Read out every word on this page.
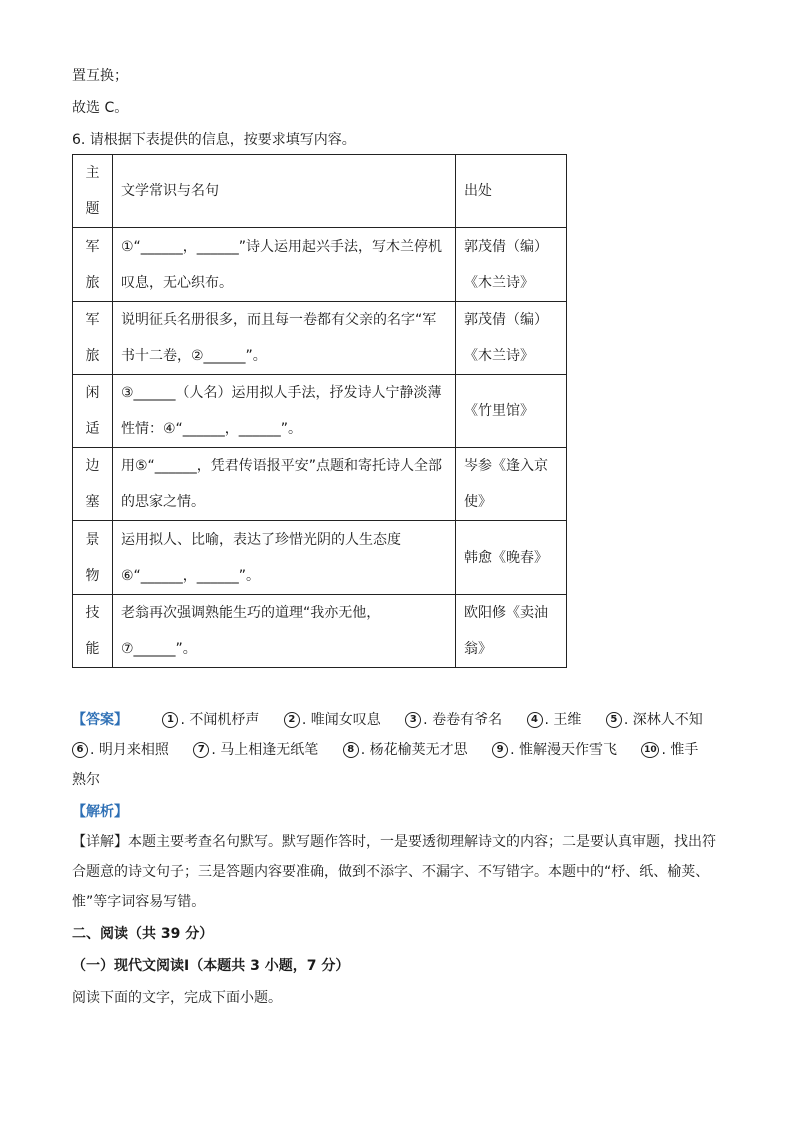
置互换；
故选 C。
6. 请根据下表提供的信息，按要求填写内容。
主题	文学常识与名句	出处

军旅	①“______，______”诗人运用起兴手法，写木兰停机叹息，无心织布。	郭茂倩（编）《木兰诗》

军旅	说明征兵名册很多，而且每一卷都有父亲的名字“军书十二卷，②______”。	郭茂倩（编）《木兰诗》

闲适	③______（人名）运用拟人手法，抒发诗人宁静淡薄性情：④“______，______”。	《竹里馆》

边塞	用⑤“______，凭君传语报平安”点题和寄托诗人全部的思家之情。	岑参《逢入京使》

景物	运用拟人、比喻，表达了珍惜光阴的人生态度⑥“______，______”。	韩愈《晚春》

技能	老翁再次强调熟能生巧的道理“我亦无他，⑦______”。	欧阳修《卖油翁》
【答案】	1 . 不闻机杼声	2 . 唯闻女叹息	3 . 卷卷有爷名	4 . 王维	5 . 深林人不知
6 . 明月来相照	7 . 马上相逢无纸笔	8 . 杨花榆荚无才思	9 . 惟解漫天作雪飞	10 . 惟手
熟尔
【解析】
【详解】本题主要考查名句默写。默写题作答时，一是要透彻理解诗文的内容；二是要认真审题，找出符合题意的诗文句子；三是答题内容要准确，做到不添字、不漏字、不写错字。本题中的“杼、纸、榆荚、惟”等字词容易写错。
二、阅读（共 39 分）
（一）现代文阅读Ⅰ（本题共 3 小题，7 分）
阅读下面的文字，完成下面小题。
